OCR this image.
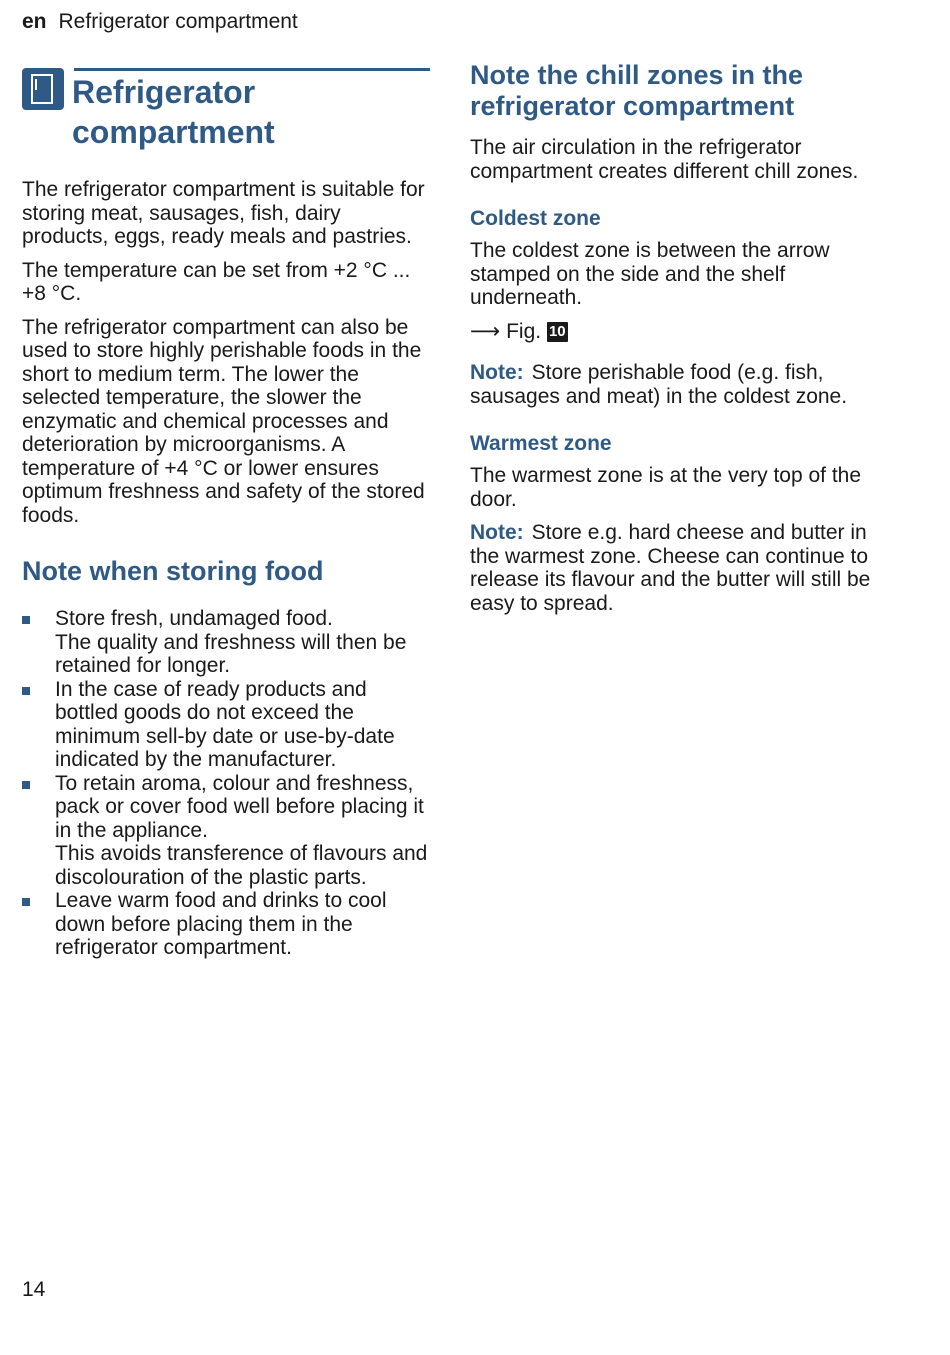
en Refrigerator compartment
Refrigerator compartment

The refrigerator compartment is suitable for storing meat, sausages, fish, dairy products, eggs, ready meals and pastries.

The temperature can be set from +2 °C ... +8 °C.

The refrigerator compartment can also be used to store highly perishable foods in the short to medium term. The lower the selected temperature, the slower the enzymatic and chemical processes and deterioration by microorganisms. A temperature of +4 °C or lower ensures optimum freshness and safety of the stored foods.

Note when storing food
Store fresh, undamaged food.
The quality and freshness will then be retained for longer.
In the case of ready products and bottled goods do not exceed the minimum sell-by date or use-by-date indicated by the manufacturer.
To retain aroma, colour and freshness, pack or cover food well before placing it in the appliance.
This avoids transference of flavours and discolouration of the plastic parts.
Leave warm food and drinks to cool down before placing them in the refrigerator compartment.
Note the chill zones in the refrigerator compartment

The air circulation in the refrigerator compartment creates different chill zones.

Coldest zone

The coldest zone is between the arrow stamped on the side and the shelf underneath.

⟶ Fig. 10

Note: Store perishable food (e.g. fish, sausages and meat) in the coldest zone.

Warmest zone

The warmest zone is at the very top of the door.

Note: Store e.g. hard cheese and butter in the warmest zone. Cheese can continue to release its flavour and the butter will still be easy to spread.

14
